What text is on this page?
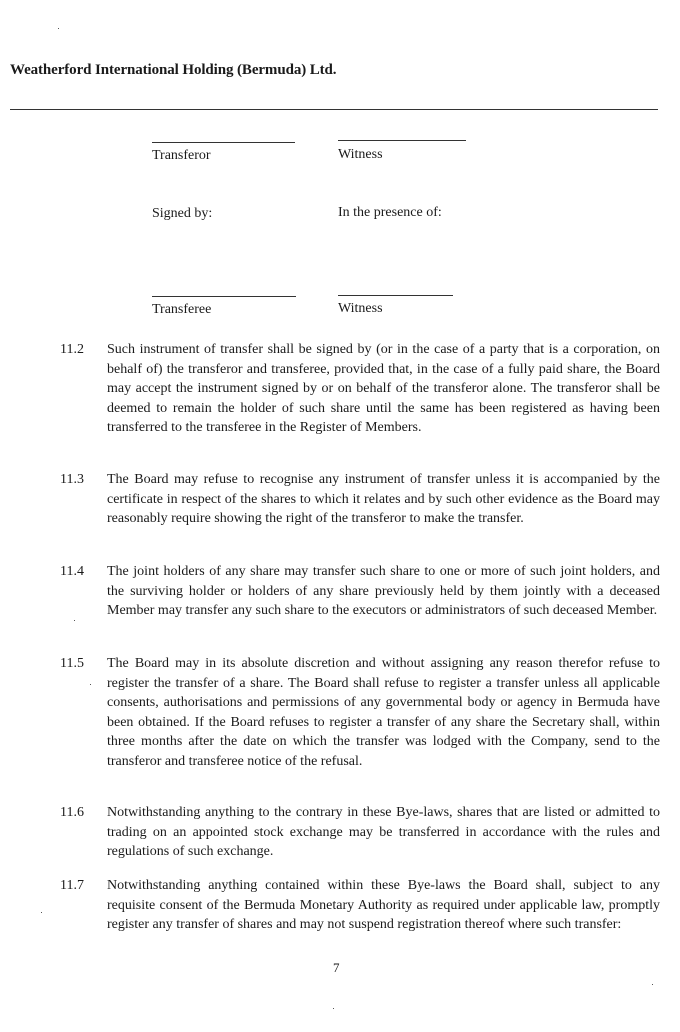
Weatherford International Holding (Bermuda) Ltd.
Transferor	Witness
Signed by:	In the presence of:
Transferee	Witness
11.2	Such instrument of transfer shall be signed by (or in the case of a party that is a corporation, on behalf of) the transferor and transferee, provided that, in the case of a fully paid share, the Board may accept the instrument signed by or on behalf of the transferor alone. The transferor shall be deemed to remain the holder of such share until the same has been registered as having been transferred to the transferee in the Register of Members.
11.3	The Board may refuse to recognise any instrument of transfer unless it is accompanied by the certificate in respect of the shares to which it relates and by such other evidence as the Board may reasonably require showing the right of the transferor to make the transfer.
11.4	The joint holders of any share may transfer such share to one or more of such joint holders, and the surviving holder or holders of any share previously held by them jointly with a deceased Member may transfer any such share to the executors or administrators of such deceased Member.
11.5	The Board may in its absolute discretion and without assigning any reason therefor refuse to register the transfer of a share. The Board shall refuse to register a transfer unless all applicable consents, authorisations and permissions of any governmental body or agency in Bermuda have been obtained. If the Board refuses to register a transfer of any share the Secretary shall, within three months after the date on which the transfer was lodged with the Company, send to the transferor and transferee notice of the refusal.
11.6	Notwithstanding anything to the contrary in these Bye-laws, shares that are listed or admitted to trading on an appointed stock exchange may be transferred in accordance with the rules and regulations of such exchange.
11.7	Notwithstanding anything contained within these Bye-laws the Board shall, subject to any requisite consent of the Bermuda Monetary Authority as required under applicable law, promptly register any transfer of shares and may not suspend registration thereof where such transfer:
7
